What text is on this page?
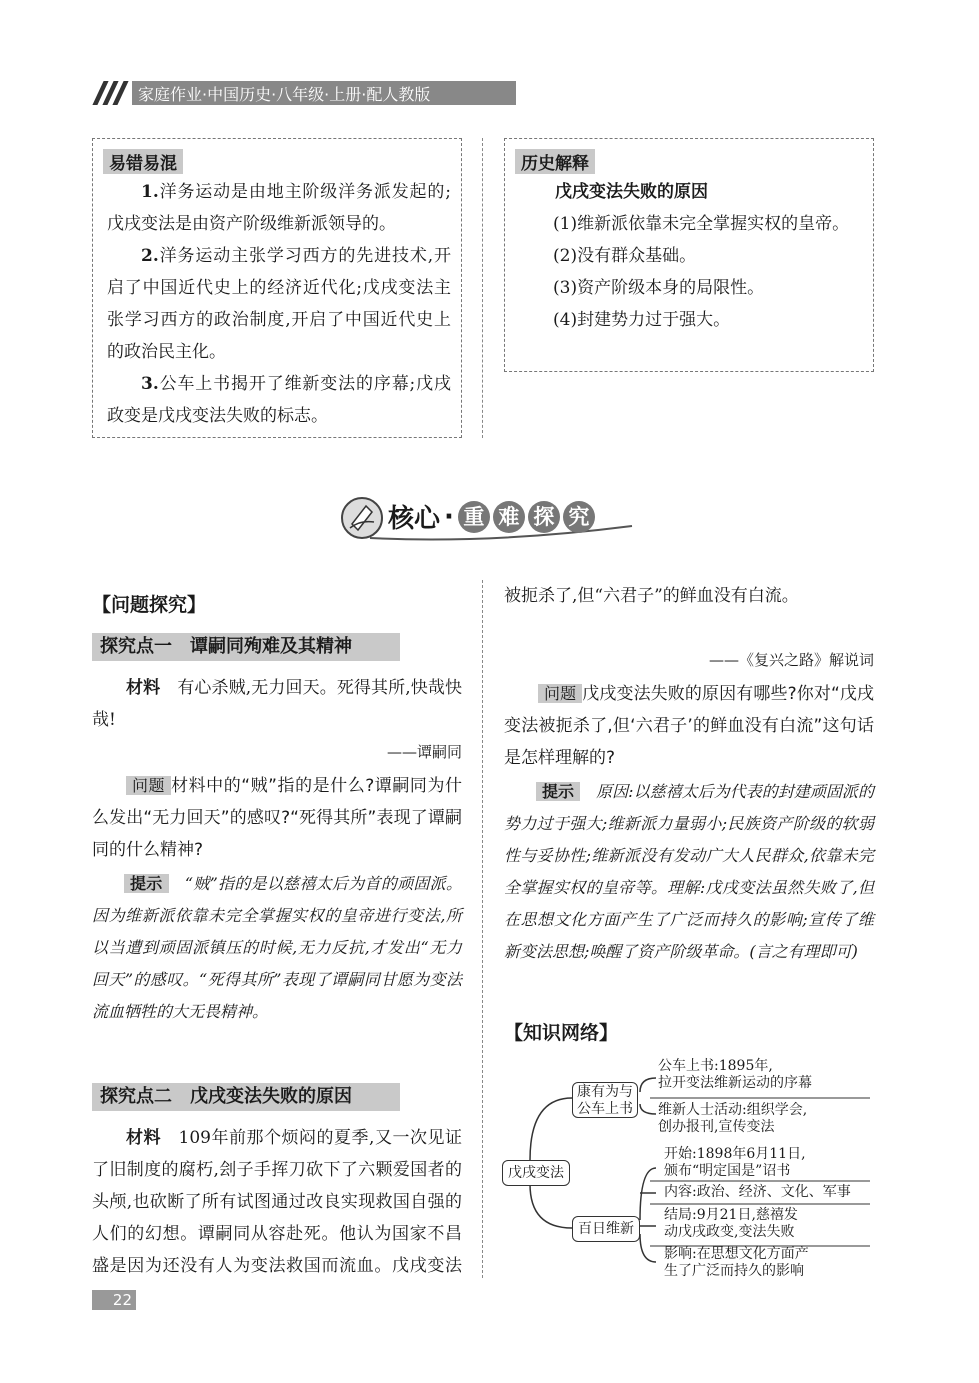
家庭作业·中国历史·八年级·上册·配人教版
易错易混

1.洋务运动是由地主阶级洋务派发起的;戊戌变法是由资产阶级维新派领导的。

2.洋务运动主张学习西方的先进技术,开启了中国近代史上的经济近代化;戊戌变法主张学习西方的政治制度,开启了中国近代史上的政治民主化。

3.公车上书揭开了维新变法的序幕;戊戌政变是戊戌变法失败的标志。

历史解释

戊戌变法失败的原因

(1)维新派依靠未完全掌握实权的皇帝。

(2)没有群众基础。

(3)资产阶级本身的局限性。

(4)封建势力过于强大。

核心 · 重 难 探 究
【问题探究】
探究点一　谭嗣同殉难及其精神

材料　 有心杀贼,无力回天。死得其所,快哉快哉!

——谭嗣同

问题 材料中的“贼”指的是什么?谭嗣同为什么发出“无力回天”的感叹?“死得其所”表现了谭嗣同的什么精神?

提示　 “贼”指的是以慈禧太后为首的顽固派。因为维新派依靠未完全掌握实权的皇帝进行变法,所以当遭到顽固派镇压的时候,无力反抗,才发出“无力回天”的感叹。“死得其所”表现了谭嗣同甘愿为变法流血牺牲的大无畏精神。

探究点二　戊戌变法失败的原因

材料　 109年前那个烦闷的夏季,又一次见证了旧制度的腐朽,刽子手挥刀砍下了六颗爱国者的头颅,也砍断了所有试图通过改良实现救国自强的人们的幻想。谭嗣同从容赴死。他认为国家不昌盛是因为还没有人为变法救国而流血。戊戌变法

　 被扼杀了,但“六君子”的鲜血没有白流。

——《复兴之路》解说词

问题 戊戌变法失败的原因有哪些?你对“戊戌变法被扼杀了,但‘六君子’的鲜血没有白流”这句话是怎样理解的?

提示　 原因:以慈禧太后为代表的封建顽固派的势力过于强大;维新派力量弱小;民族资产阶级的软弱性与妥协性;维新派没有发动广大人民群众,依靠未完全掌握实权的皇帝等。理解:戊戌变法虽然失败了,但在思想文化方面产生了广泛而持久的影响;宣传了维新变法思想;唤醒了资产阶级革命。(言之有理即可)

【知识网络】
戊戌变法
康有为与公车上书
百日维新
公车上书:1895年,
拉开变法维新运动的序幕
维新人士活动:组织学会,
创办报刊,宣传变法
开始:1898年6月11日,
颁布“明定国是”诏书
内容:政治、经济、文化、军事
结局:9月21日,慈禧发
动戊戌政变,变法失败
影响:在思想文化方面产
生了广泛而持久的影响
22
